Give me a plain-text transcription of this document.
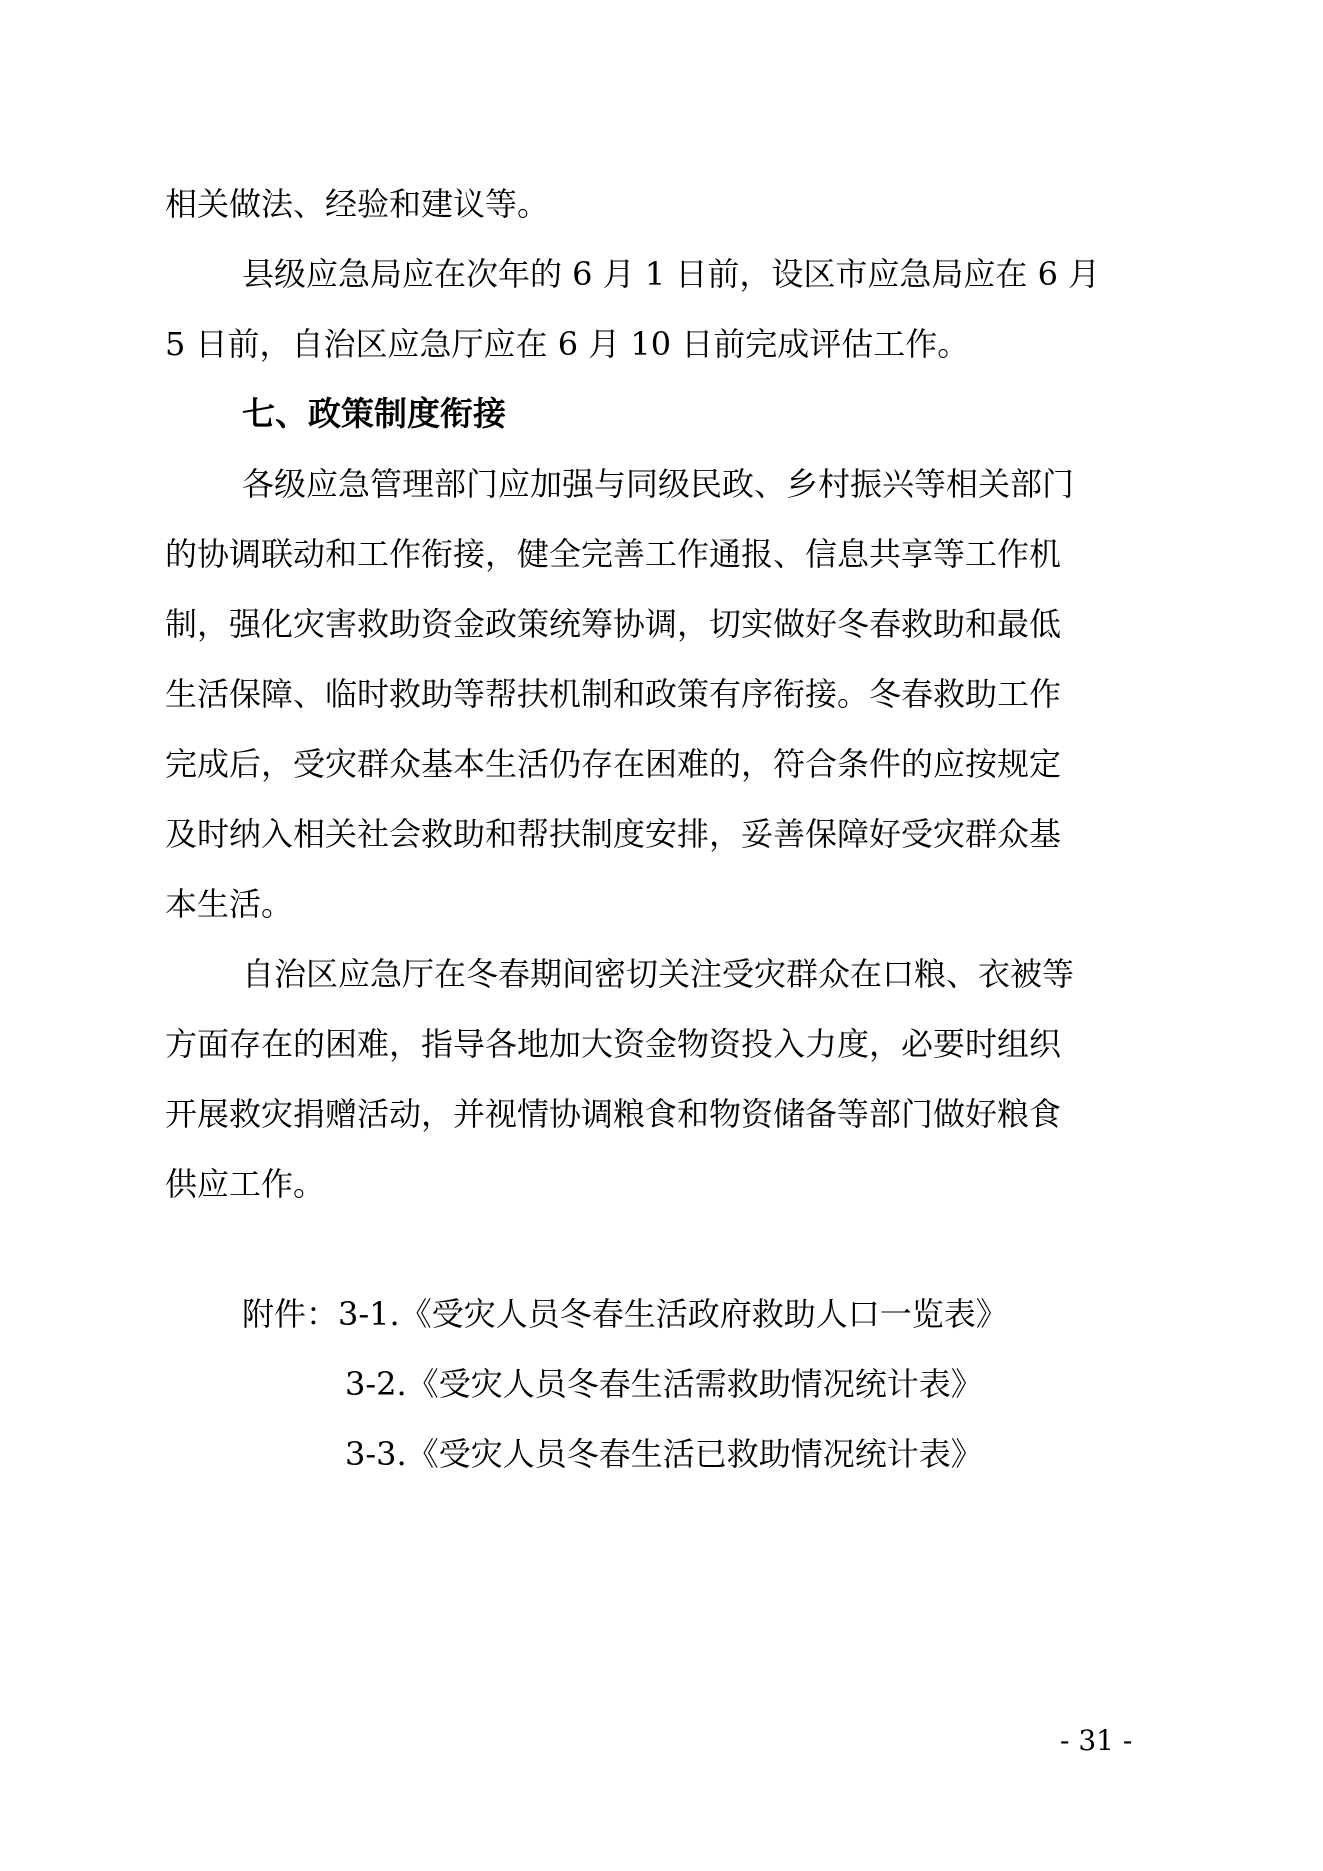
相关做法、经验和建议等。
县级应急局应在次年的 6 月 1 日前，设区市应急局应在 6 月
5 日前，自治区应急厅应在 6 月 10 日前完成评估工作。
七、政策制度衔接
各级应急管理部门应加强与同级民政、乡村振兴等相关部门
的协调联动和工作衔接，健全完善工作通报、信息共享等工作机
制，强化灾害救助资金政策统筹协调，切实做好冬春救助和最低
生活保障、临时救助等帮扶机制和政策有序衔接。冬春救助工作
完成后，受灾群众基本生活仍存在困难的，符合条件的应按规定
及时纳入相关社会救助和帮扶制度安排，妥善保障好受灾群众基
本生活。
自治区应急厅在冬春期间密切关注受灾群众在口粮、衣被等
方面存在的困难，指导各地加大资金物资投入力度，必要时组织
开展救灾捐赠活动，并视情协调粮食和物资储备等部门做好粮食
供应工作。
附件：3-1.《受灾人员冬春生活政府救助人口一览表》
3-2.《受灾人员冬春生活需救助情况统计表》
3-3.《受灾人员冬春生活已救助情况统计表》
- 31 -
